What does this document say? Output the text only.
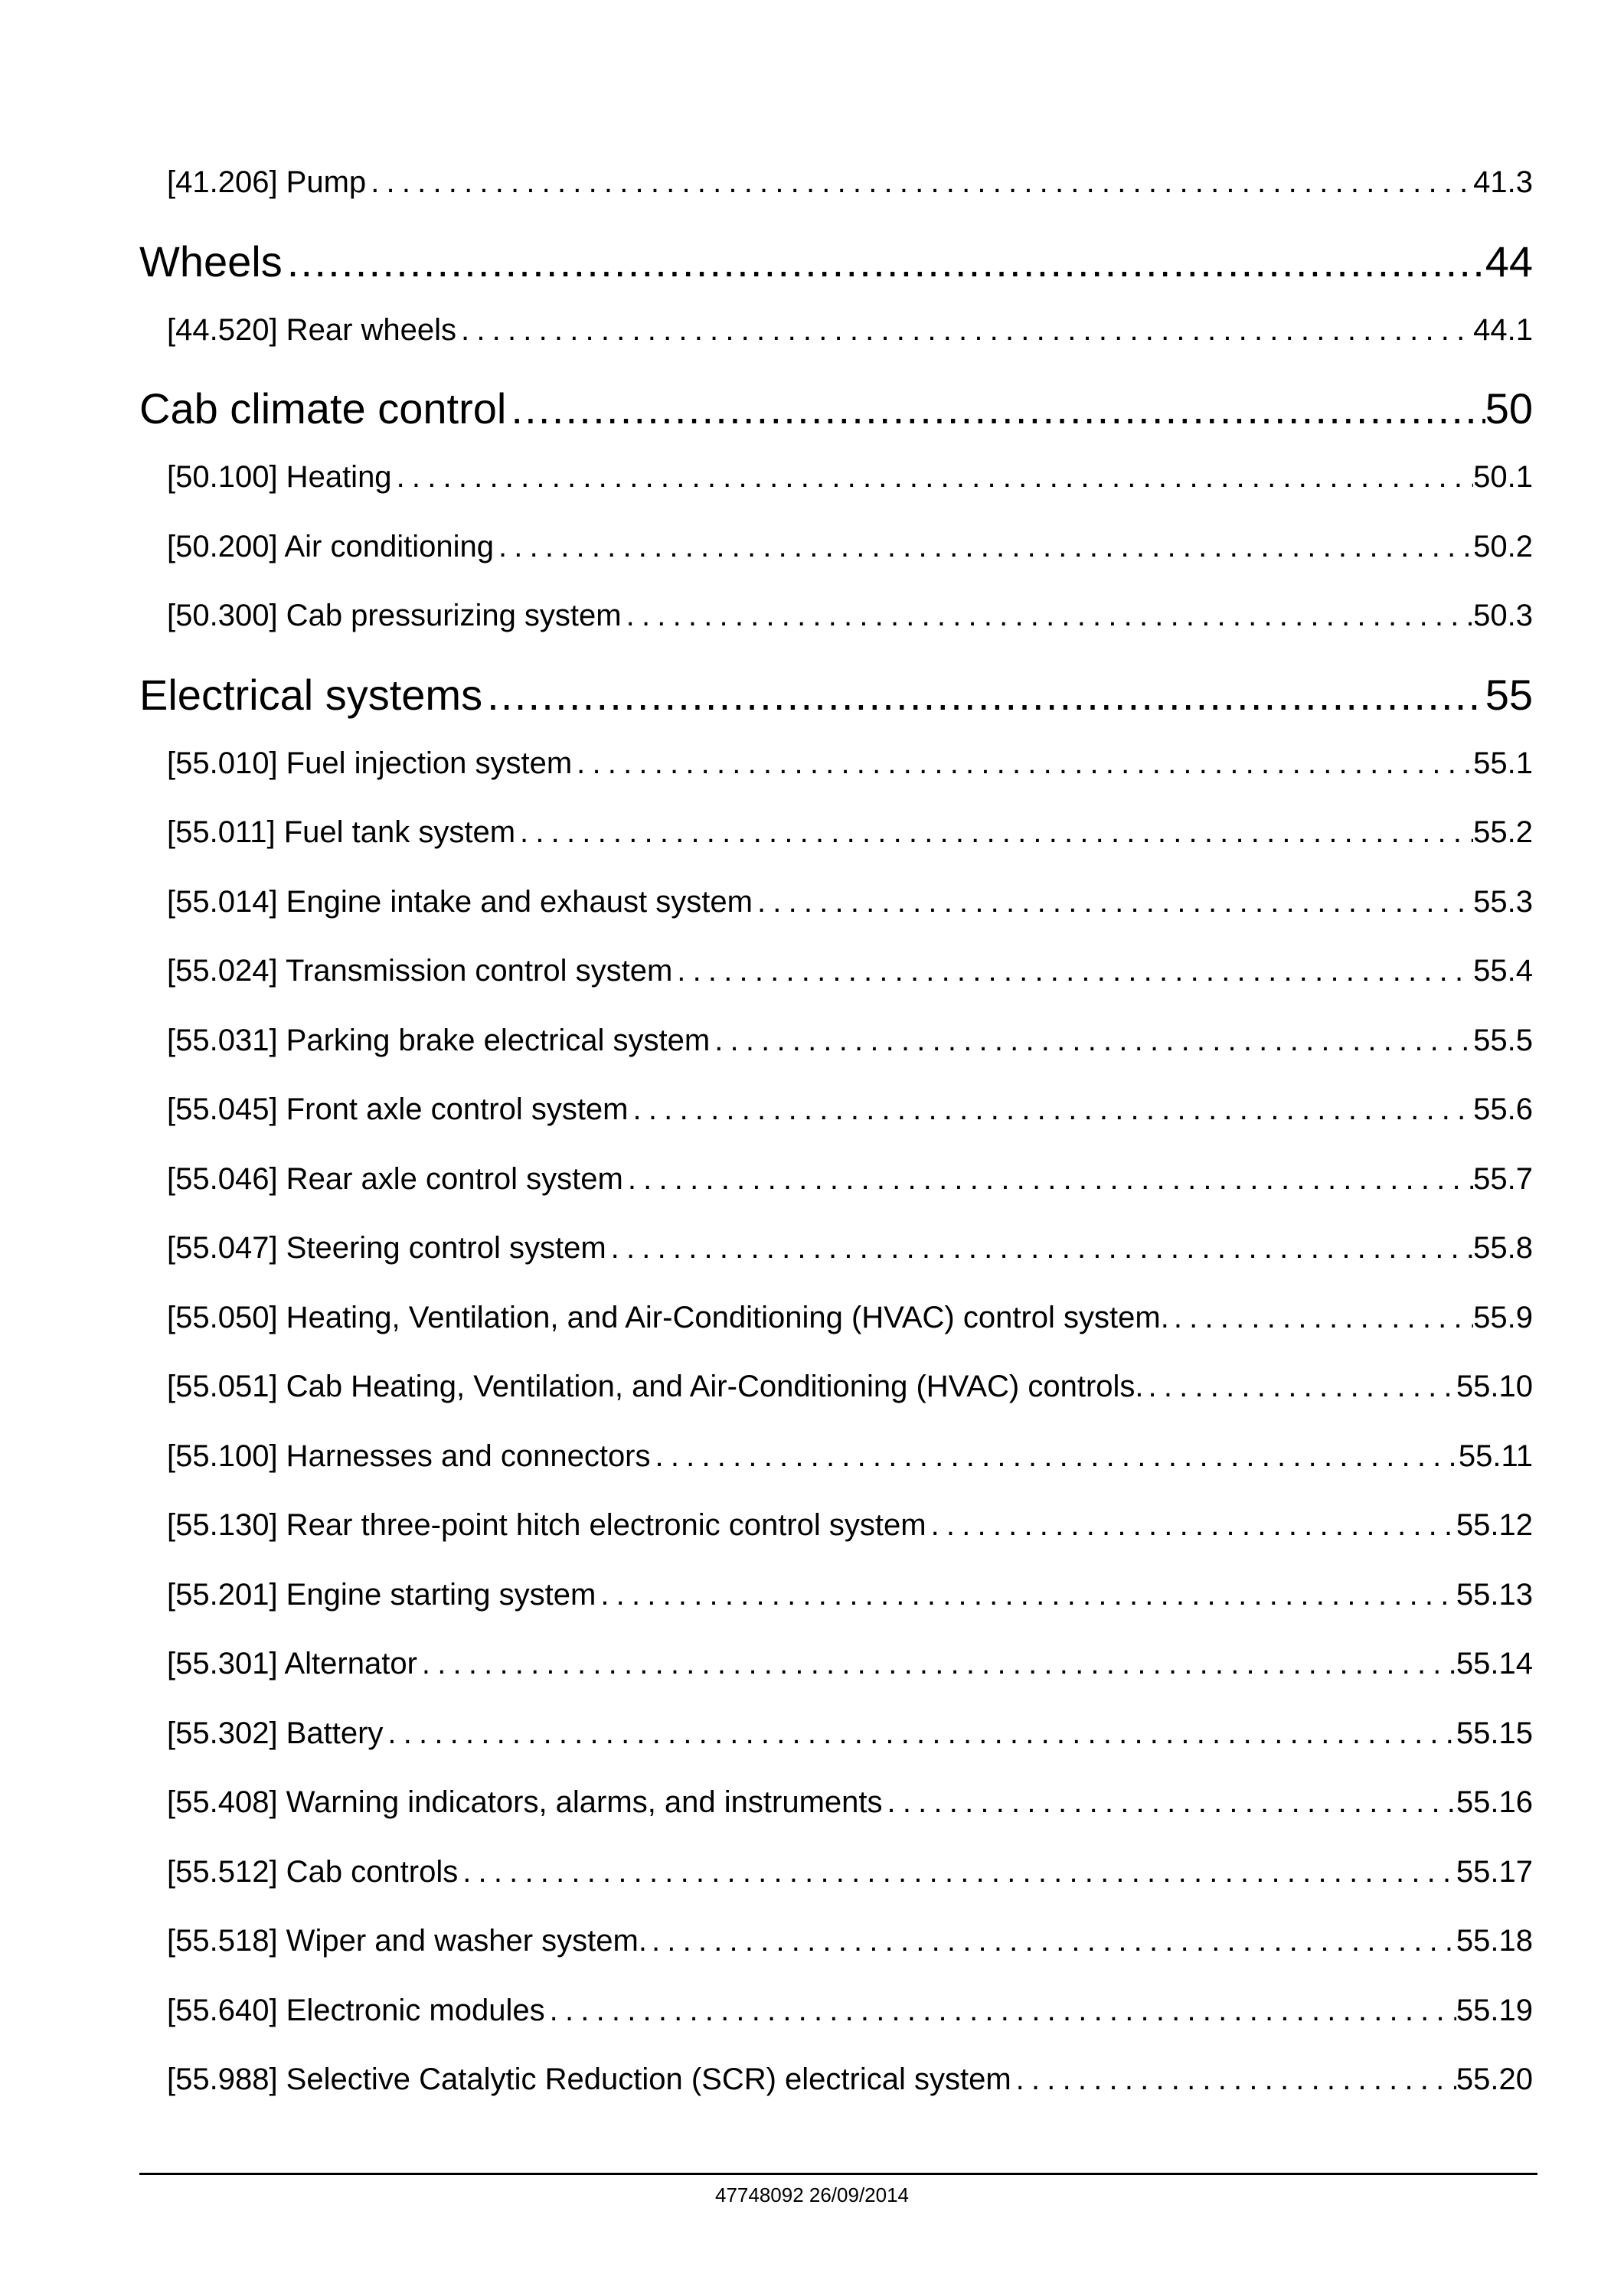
[41.206] Pump .....	41.3
Wheels .....	44
[44.520] Rear wheels .....	44.1
Cab climate control .....	50
[50.100] Heating .....	50.1
[50.200] Air conditioning .....	50.2
[50.300] Cab pressurizing system .....	50.3
Electrical systems .....	55
[55.010] Fuel injection system .....	55.1
[55.011] Fuel tank system .....	55.2
[55.014] Engine intake and exhaust system .....	55.3
[55.024] Transmission control system .....	55.4
[55.031] Parking brake electrical system .....	55.5
[55.045] Front axle control system .....	55.6
[55.046] Rear axle control system .....	55.7
[55.047] Steering control system .....	55.8
[55.050] Heating, Ventilation, and Air-Conditioning (HVAC) control system. .....	55.9
[55.051] Cab Heating, Ventilation, and Air-Conditioning (HVAC) controls. .....	55.10
[55.100] Harnesses and connectors .....	55.11
[55.130] Rear three-point hitch electronic control system .....	55.12
[55.201] Engine starting system .....	55.13
[55.301] Alternator .....	55.14
[55.302] Battery .....	55.15
[55.408] Warning indicators, alarms, and instruments .....	55.16
[55.512] Cab controls .....	55.17
[55.518] Wiper and washer system. .....	55.18
[55.640] Electronic modules .....	55.19
[55.988] Selective Catalytic Reduction (SCR) electrical system .....	55.20
47748092 26/09/2014
